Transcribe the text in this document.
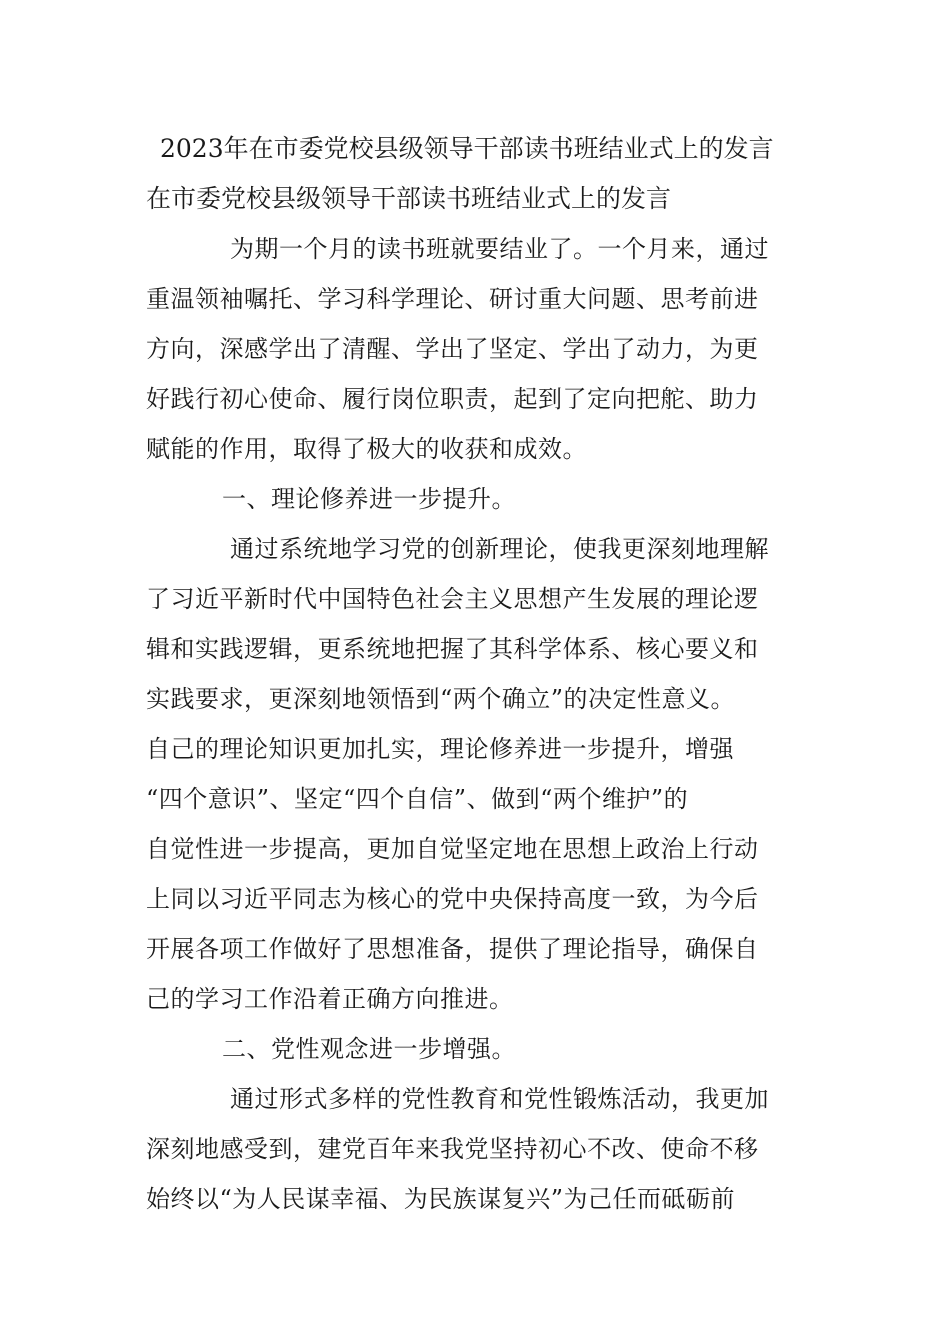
2023年在市委党校县级领导干部读书班结业式上的发言
在市委党校县级领导干部读书班结业式上的发言
为期一个月的读书班就要结业了。一个月来，通过
重温领袖嘱托、学习科学理论、研讨重大问题、思考前进
方向，深感学出了清醒、学出了坚定、学出了动力，为更
好践行初心使命、履行岗位职责，起到了定向把舵、助力
赋能的作用，取得了极大的收获和成效。
一、理论修养进一步提升。
通过系统地学习党的创新理论，使我更深刻地理解
了习近平新时代中国特色社会主义思想产生发展的理论逻
辑和实践逻辑，更系统地把握了其科学体系、核心要义和
实践要求，更深刻地领悟到“两个确立”的决定性意义。
自己的理论知识更加扎实，理论修养进一步提升，增强
“四个意识”、坚定“四个自信”、做到“两个维护”的
自觉性进一步提高，更加自觉坚定地在思想上政治上行动
上同以习近平同志为核心的党中央保持高度一致，为今后
开展各项工作做好了思想准备，提供了理论指导，确保自
己的学习工作沿着正确方向推进。
二、党性观念进一步增强。
通过形式多样的党性教育和党性锻炼活动，我更加
深刻地感受到，建党百年来我党坚持初心不改、使命不移
始终以“为人民谋幸福、为民族谋复兴”为己任而砥砺前
